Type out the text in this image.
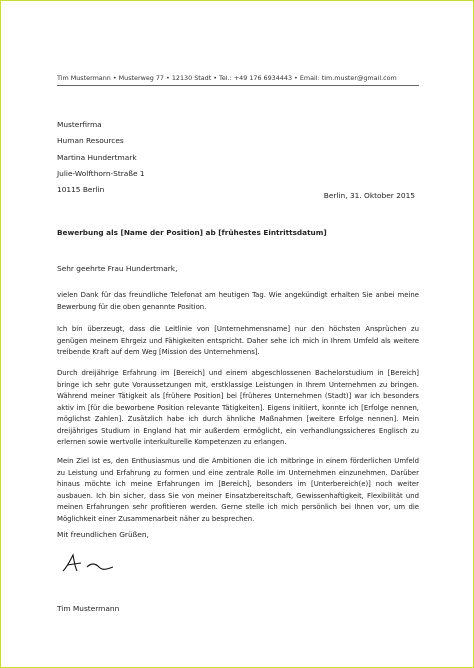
Tim Mustermann • Musterweg 77 • 12130 Stadt • Tel.: +49 176 6934443 • Email: tim.muster@gmail.com
Musterfirma
Human Resources
Martina Hundertmark
Julie-Wolfthorn-Straße 1
10115 Berlin
Berlin, 31. Oktober 2015
Bewerbung als [Name der Position] ab [frühestes Eintrittsdatum]
Sehr geehrte Frau Hundertmark,
vielen Dank für das freundliche Telefonat am heutigen Tag. Wie angekündigt erhalten Sie anbei meine Bewerbung für die oben genannte Position.
Ich bin überzeugt, dass die Leitlinie von [Unternehmensname] nur den höchsten Ansprüchen zu genügen meinem Ehrgeiz und Fähigkeiten entspricht. Daher sehe ich mich in Ihrem Umfeld als weitere treibende Kraft auf dem Weg [Mission des Unternehmens].
Durch dreijährige Erfahrung im [Bereich] und einem abgeschlossenen Bachelorstudium in [Bereich] bringe ich sehr gute Voraussetzungen mit, erstklassige Leistungen in Ihrem Unternehmen zu bringen. Während meiner Tätigkeit als [frühere Position] bei [früheres Unternehmen (Stadt)] war ich besonders aktiv im [für die beworbene Position relevante Tätigkeiten]. Eigens initiiert, konnte ich [Erfolge nennen, möglichst Zahlen]. Zusätzlich habe ich durch ähnliche Maßnahmen [weitere Erfolge nennen]. Mein dreijähriges Studium in England hat mir außerdem ermöglicht, ein verhandlungssicheres Englisch zu erlernen sowie wertvolle interkulturelle Kompetenzen zu erlangen.
Mein Ziel ist es, den Enthusiasmus und die Ambitionen die ich mitbringe in einem förderlichen Umfeld zu Leistung und Erfahrung zu formen und eine zentrale Rolle im Unternehmen einzunehmen. Darüber hinaus möchte ich meine Erfahrungen im [Bereich], besonders im [Unterbereich(e)] noch weiter ausbauen. Ich bin sicher, dass Sie von meiner Einsatzbereitschaft, Gewissenhaftigkeit, Flexibilität und meinen Erfahrungen sehr profitieren werden. Gerne stelle ich mich persönlich bei Ihnen vor, um die Möglichkeit einer Zusammenarbeit näher zu besprechen.
Mit freundlichen Grüßen,
Tim Mustermann
